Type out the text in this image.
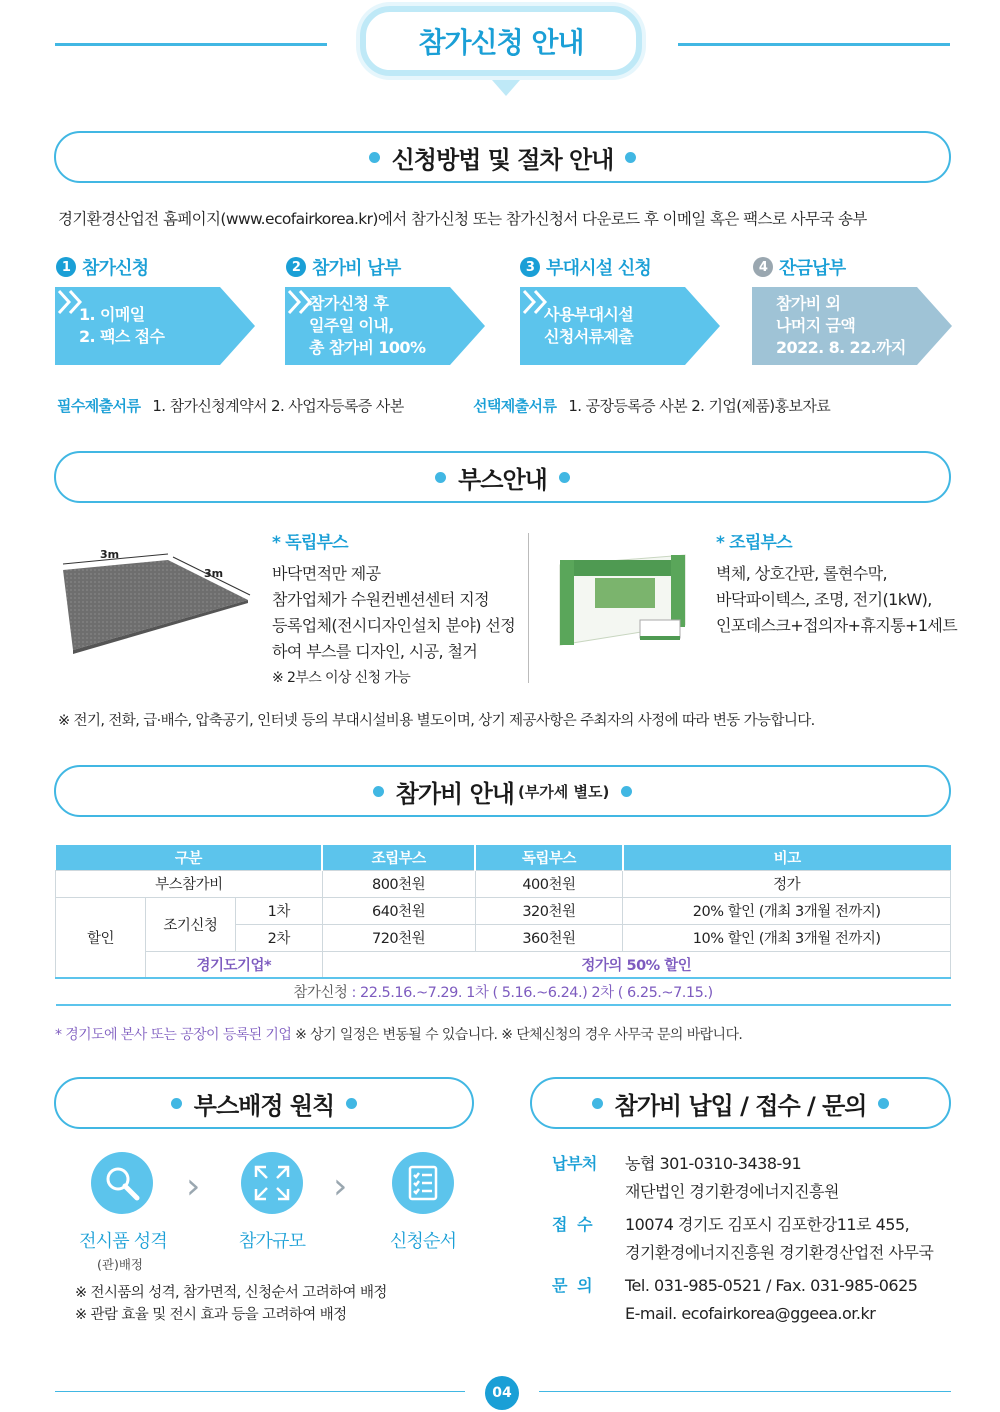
참가신청 안내
신청방법 및 절차 안내
경기환경산업전 홈페이지(www.ecofairkorea.kr)에서 참가신청 또는 참가신청서 다운로드 후 이메일 혹은 팩스로 사무국 송부
1 참가신청	2 참가비 납부	3 부대시설 신청	4 잔금납부
1. 이메일
2. 팩스 접수
참가신청 후
일주일 이내,
총 참가비 100%
사용부대시설
신청서류제출
참가비 외
나머지 금액
2022. 8. 22.까지
필수제출서류 1. 참가신청계약서 2. 사업자등록증 사본	선택제출서류 1. 공장등록증 사본 2. 기업(제품)홍보자료
부스안내
3m
3m
* 독립부스
바닥면적만 제공
참가업체가 수원컨벤션센터 지정
등록업체(전시디자인설치 분야) 선정
하여 부스를 디자인, 시공, 철거
※ 2부스 이상 신청 가능
* 조립부스
벽체, 상호간판, 롤현수막,
바닥파이텍스, 조명, 전기(1kW),
인포데스크+접의자+휴지통+1세트
※ 전기, 전화, 급·배수, 압축공기, 인터넷 등의 부대시설비용 별도이며, 상기 제공사항은 주최자의 사정에 따라 변동 가능합니다.
참가비 안내 (부가세 별도)
구분			조립부스	독립부스	비고
부스참가비			800천원	400천원	정가
할인	조기신청	1차	640천원	320천원	20% 할인 (개최 3개월 전까지)
		2차	720천원	360천원	10% 할인 (개최 3개월 전까지)
	경기도기업*		정가의 50% 할인		
참가신청 : 22.5.16.~7.29. 1차 ( 5.16.~6.24.) 2차 ( 6.25.~7.15.)					
* 경기도에 본사 또는 공장이 등록된 기업 ※ 상기 일정은 변동될 수 있습니다. ※ 단체신청의 경우 사무국 문의 바랍니다.
부스배정 원칙
›	›
전시품 성격
(관)배정
참가규모	신청순서
※ 전시품의 성격, 참가면적, 신청순서 고려하여 배정
※ 관람 효율 및 전시 효과 등을 고려하여 배정
참가비 납입 / 접수 / 문의
납부처	농협 301-0310-3438-91
재단법인 경기환경에너지진흥원
접  수	10074 경기도 김포시 김포한강11로 455,
경기환경에너지진흥원 경기환경산업전 사무국
문  의	Tel. 031-985-0521 / Fax. 031-985-0625
E-mail. ecofairkorea@ggeea.or.kr
04
